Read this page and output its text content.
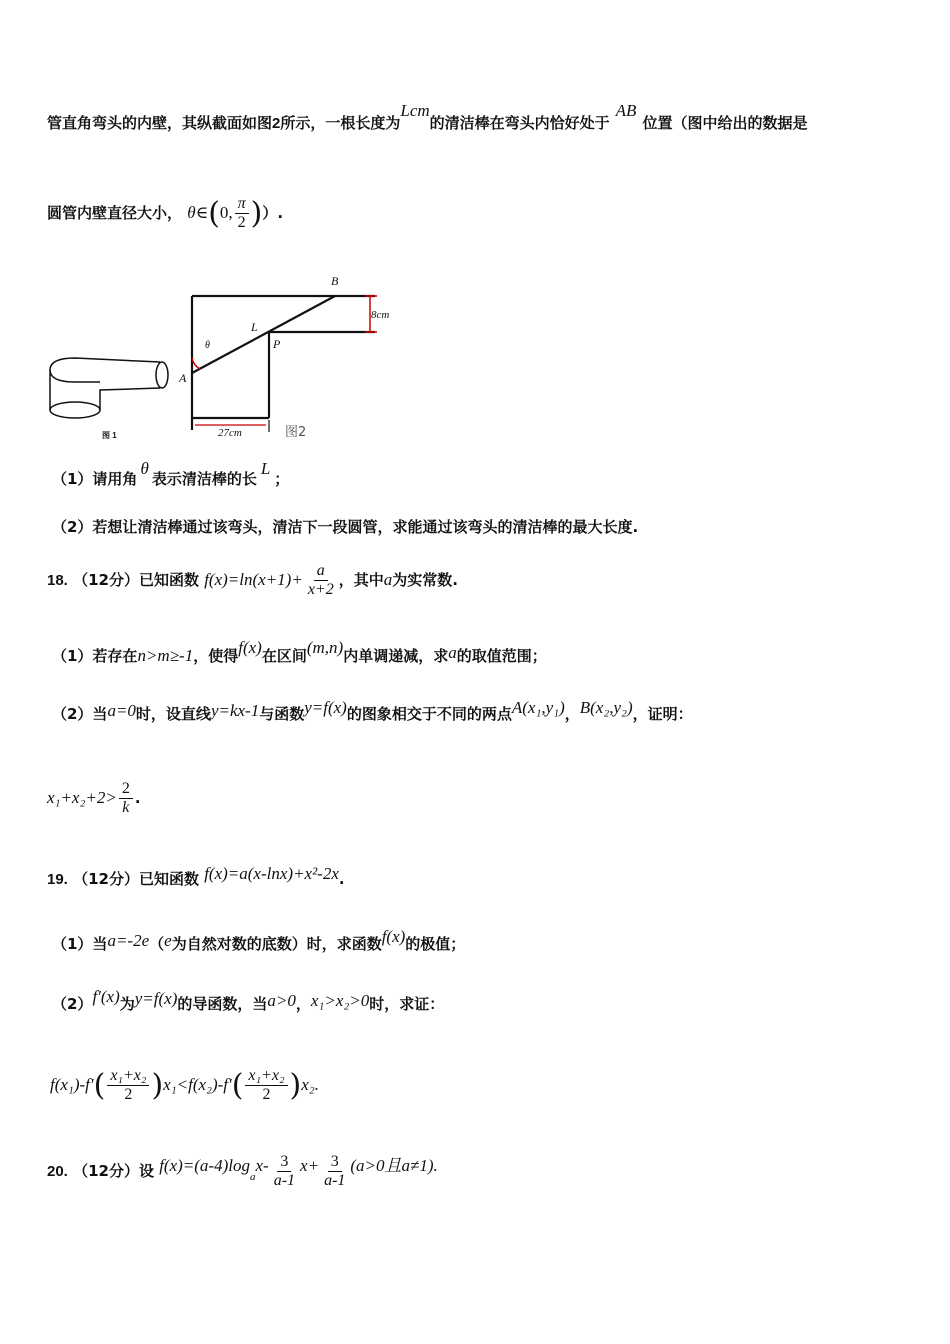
管直角弯头的内壁，其纵截面如图2所示，一根长度为Lcm的清洁棒在弯头内恰好处于AB位置（图中给出的数据是
圆管内壁直径大小， θ∈(0, $\frac{\pi}{2}$ )）.
图 1
B
L
P
A
θ
8cm
27cm	图2
（1）请用角θ表示清洁棒的长L；
（2）若想让清洁棒通过该弯头，清洁下一段圆管，求能通过该弯头的清洁棒的最大长度.
18. （12分）已知函数 $f(x)=\ln(x+1)+ \frac{a}{x+2}$ ，其中a为实常数.
（1）若存在n>m≥-1，使得f(x)在区间(m,n)内单调递减，求a的取值范围；
（2）当a=0时，设直线y=kx-1与函数y=f(x)的图象相交于不同的两点A(x₁,y₁)，B(x₂,y₂)，证明：
$x_1+x_2+2> \frac{2}{k}$ .
19. （12分）已知函数 f(x)=a(x-lnx)+x²-2x.
（1）当a=-2e（e为自然对数的底数）时，求函数f(x)的极值；
（2）f′(x)为y=f(x)的导函数，当a>0，x₁>x₂>0时，求证：
$f(x_1)-f'( \frac{\text{x₁+x₂}}{2} )x_1<f(x_2)-f'( \frac{\text{x₁+x₂}}{2} )x_2$.
20. （12分）设 $f(x)=(a-4)\log_ax- \frac{3}{a-1} x+ \frac{3}{a-1} (a>0$且a≠1).
